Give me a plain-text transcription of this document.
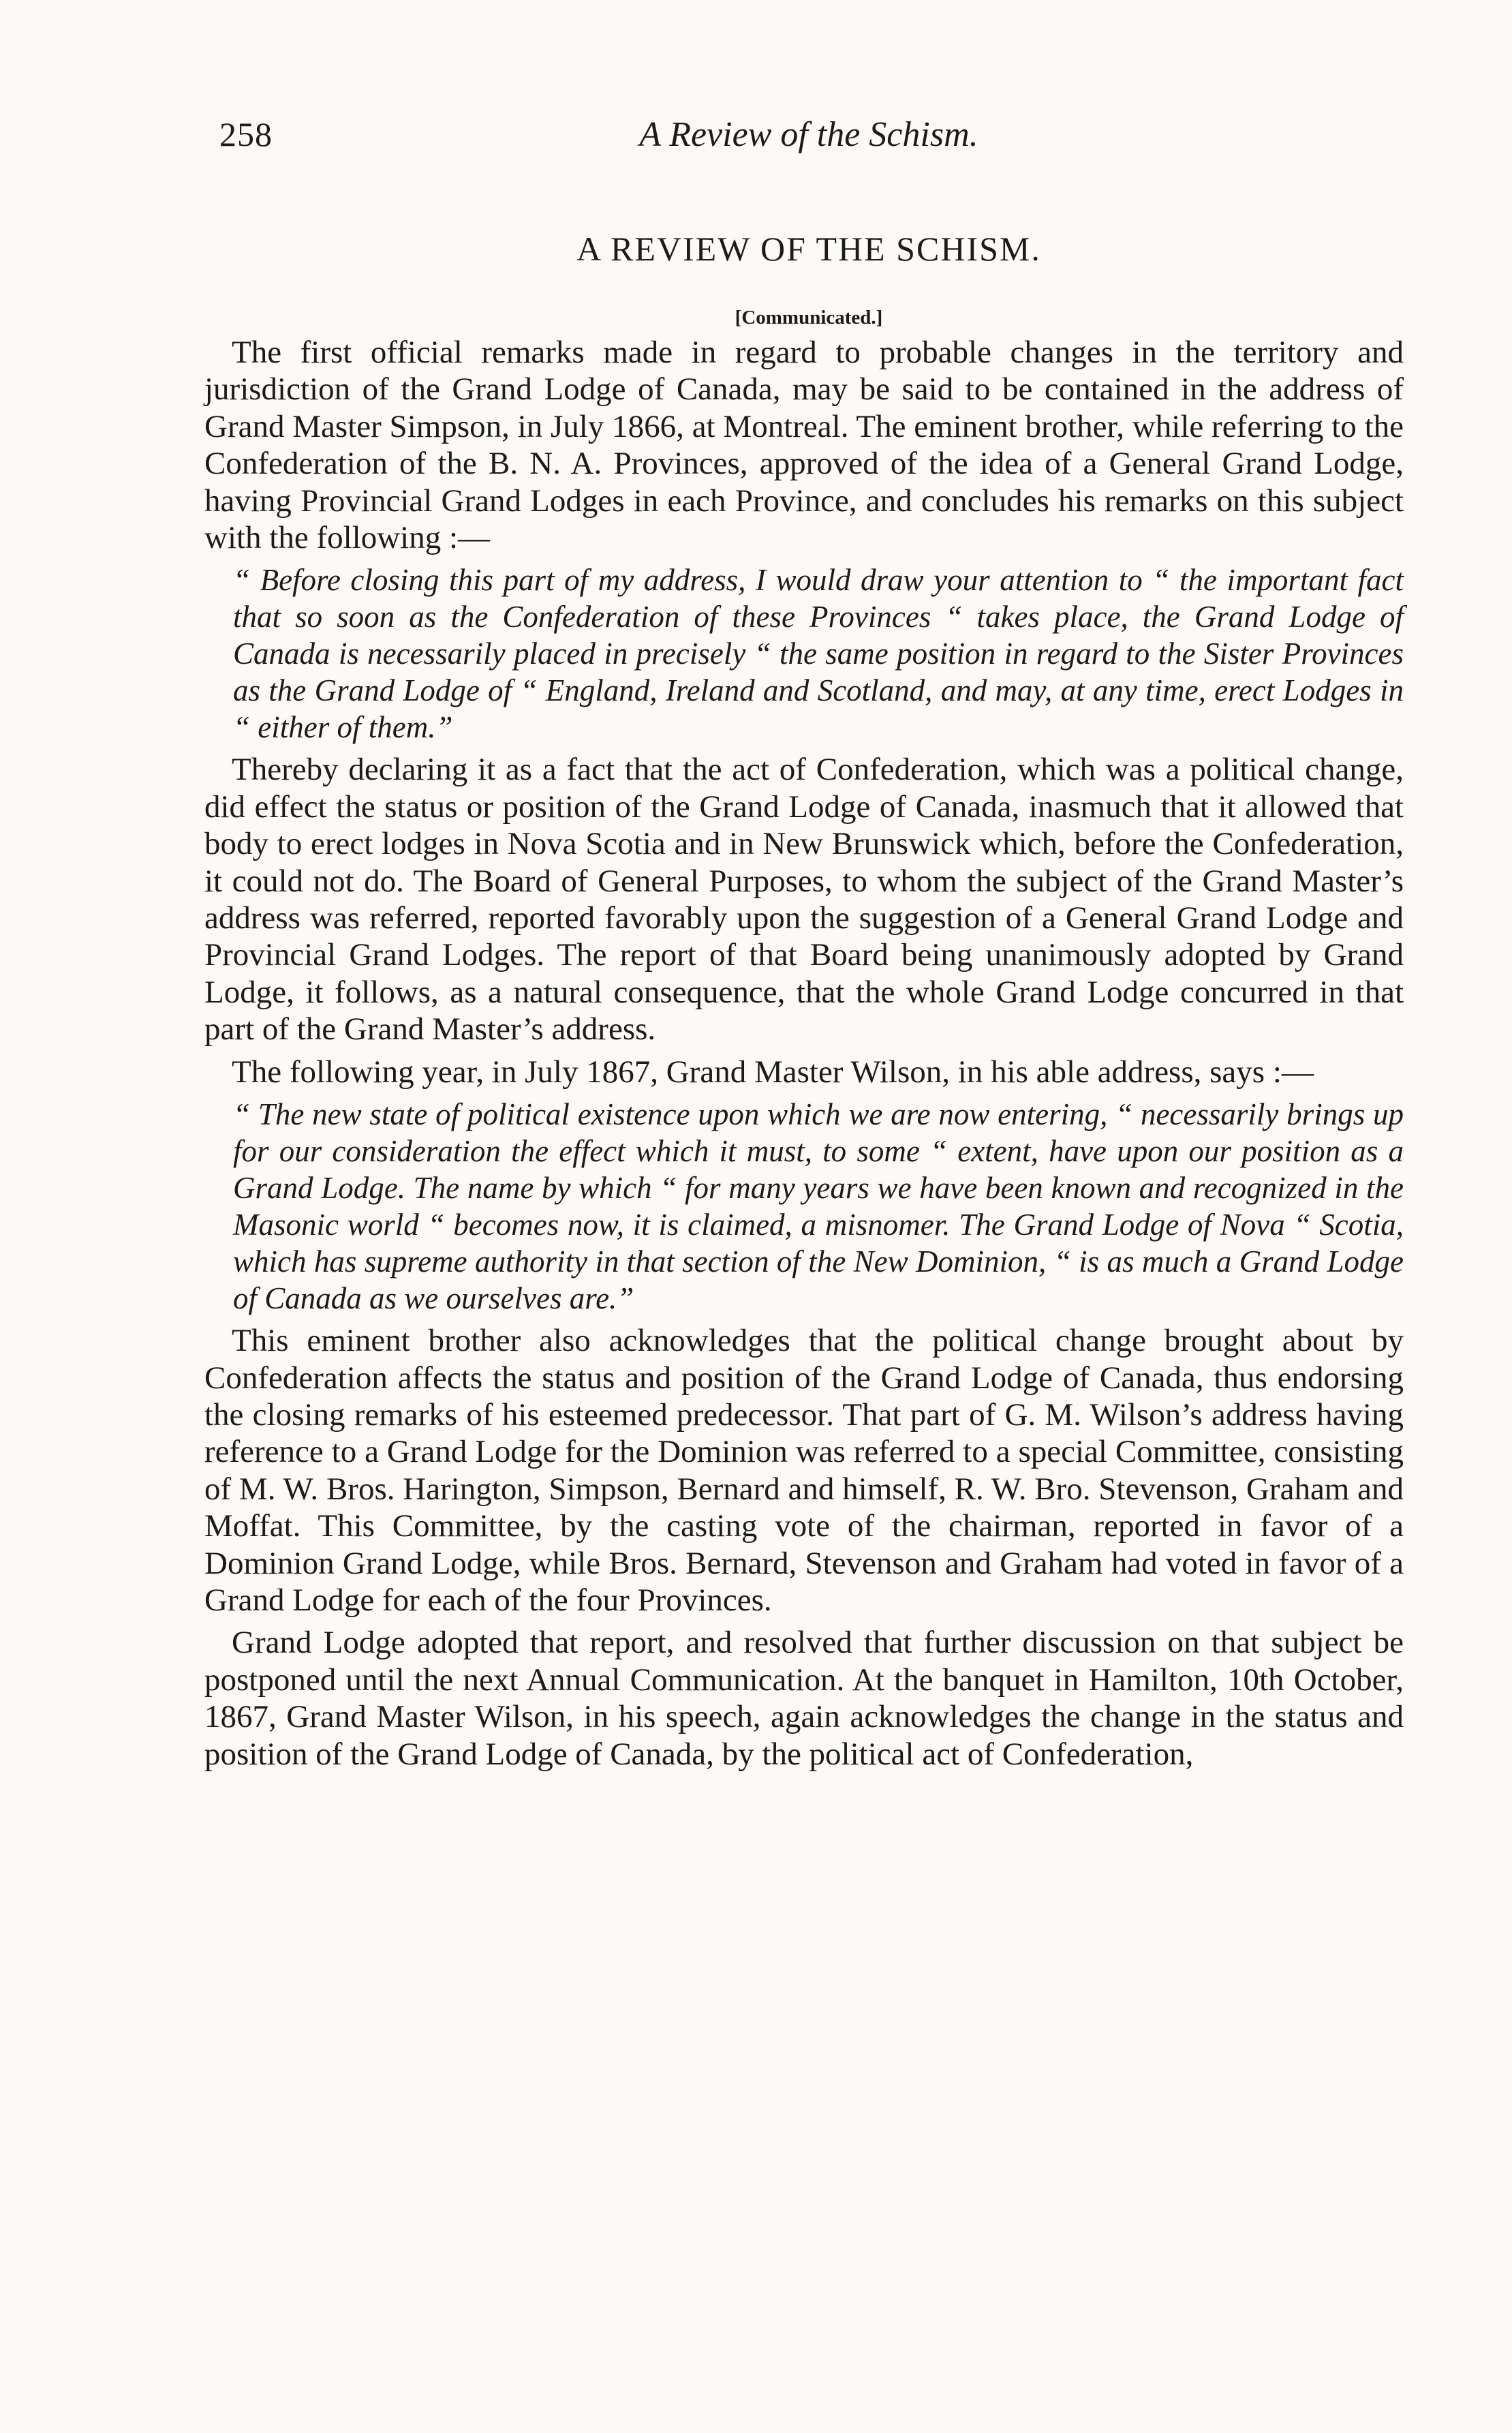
258	A Review of the Schism.
A REVIEW OF THE SCHISM.
[Communicated.]

The first official remarks made in regard to probable changes in the territory and jurisdiction of the Grand Lodge of Canada, may be said to be contained in the address of Grand Master Simpson, in July 1866, at Montreal. The eminent brother, while referring to the Confederation of the B. N. A. Provinces, approved of the idea of a General Grand Lodge, having Provincial Grand Lodges in each Province, and concludes his remarks on this subject with the following :—

“ Before closing this part of my address, I would draw your attention to “ the important fact that so soon as the Confederation of these Provinces “ takes place, the Grand Lodge of Canada is necessarily placed in precisely “ the same position in regard to the Sister Provinces as the Grand Lodge of “ England, Ireland and Scotland, and may, at any time, erect Lodges in “ either of them.”

Thereby declaring it as a fact that the act of Confederation, which was a political change, did effect the status or position of the Grand Lodge of Canada, inasmuch that it allowed that body to erect lodges in Nova Scotia and in New Brunswick which, before the Confederation, it could not do. The Board of General Purposes, to whom the subject of the Grand Master’s address was referred, reported favorably upon the suggestion of a General Grand Lodge and Provincial Grand Lodges. The report of that Board being unanimously adopted by Grand Lodge, it follows, as a natural consequence, that the whole Grand Lodge concurred in that part of the Grand Master’s address.

The following year, in July 1867, Grand Master Wilson, in his able address, says :—

“ The new state of political existence upon which we are now entering, “ necessarily brings up for our consideration the effect which it must, to some “ extent, have upon our position as a Grand Lodge. The name by which “ for many years we have been known and recognized in the Masonic world “ becomes now, it is claimed, a misnomer. The Grand Lodge of Nova “ Scotia, which has supreme authority in that section of the New Dominion, “ is as much a Grand Lodge of Canada as we ourselves are.”

This eminent brother also acknowledges that the political change brought about by Confederation affects the status and position of the Grand Lodge of Canada, thus endorsing the closing remarks of his esteemed predecessor. That part of G. M. Wilson’s address having reference to a Grand Lodge for the Dominion was referred to a special Committee, consisting of M. W. Bros. Harington, Simpson, Bernard and himself, R. W. Bro. Stevenson, Graham and Moffat. This Committee, by the casting vote of the chairman, reported in favor of a Dominion Grand Lodge, while Bros. Bernard, Stevenson and Graham had voted in favor of a Grand Lodge for each of the four Provinces.

Grand Lodge adopted that report, and resolved that further discussion on that subject be postponed until the next Annual Communication. At the banquet in Hamilton, 10th October, 1867, Grand Master Wilson, in his speech, again acknowledges the change in the status and position of the Grand Lodge of Canada, by the political act of Confederation,
